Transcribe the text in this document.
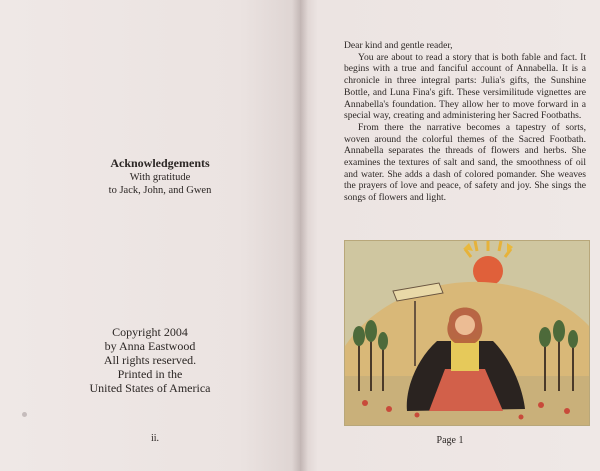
Acknowledgements
With gratitude
to Jack, John, and Gwen
Copyright 2004
by Anna Eastwood
All rights reserved.
Printed in the
United States of America
ii.

Dear kind and gentle reader,

You are about to read a story that is both fable and fact. It begins with a true and fanciful account of Annabella. It is a chronicle in three integral parts: Julia's gifts, the Sunshine Bottle, and Luna Fina's gift. These versimilitude vignettes are Annabella's foundation. They allow her to move forward in a special way, creating and administering her Sacred Footbaths.

From there the narrative becomes a tapestry of sorts, woven around the colorful themes of the Sacred Footbath. Annabella separates the threads of flowers and herbs. She examines the textures of salt and sand, the smoothness of oil and water. She adds a dash of colored pomander. She weaves the prayers of love and peace, of safety and joy. She sings the songs of flowers and light.

Page 1
